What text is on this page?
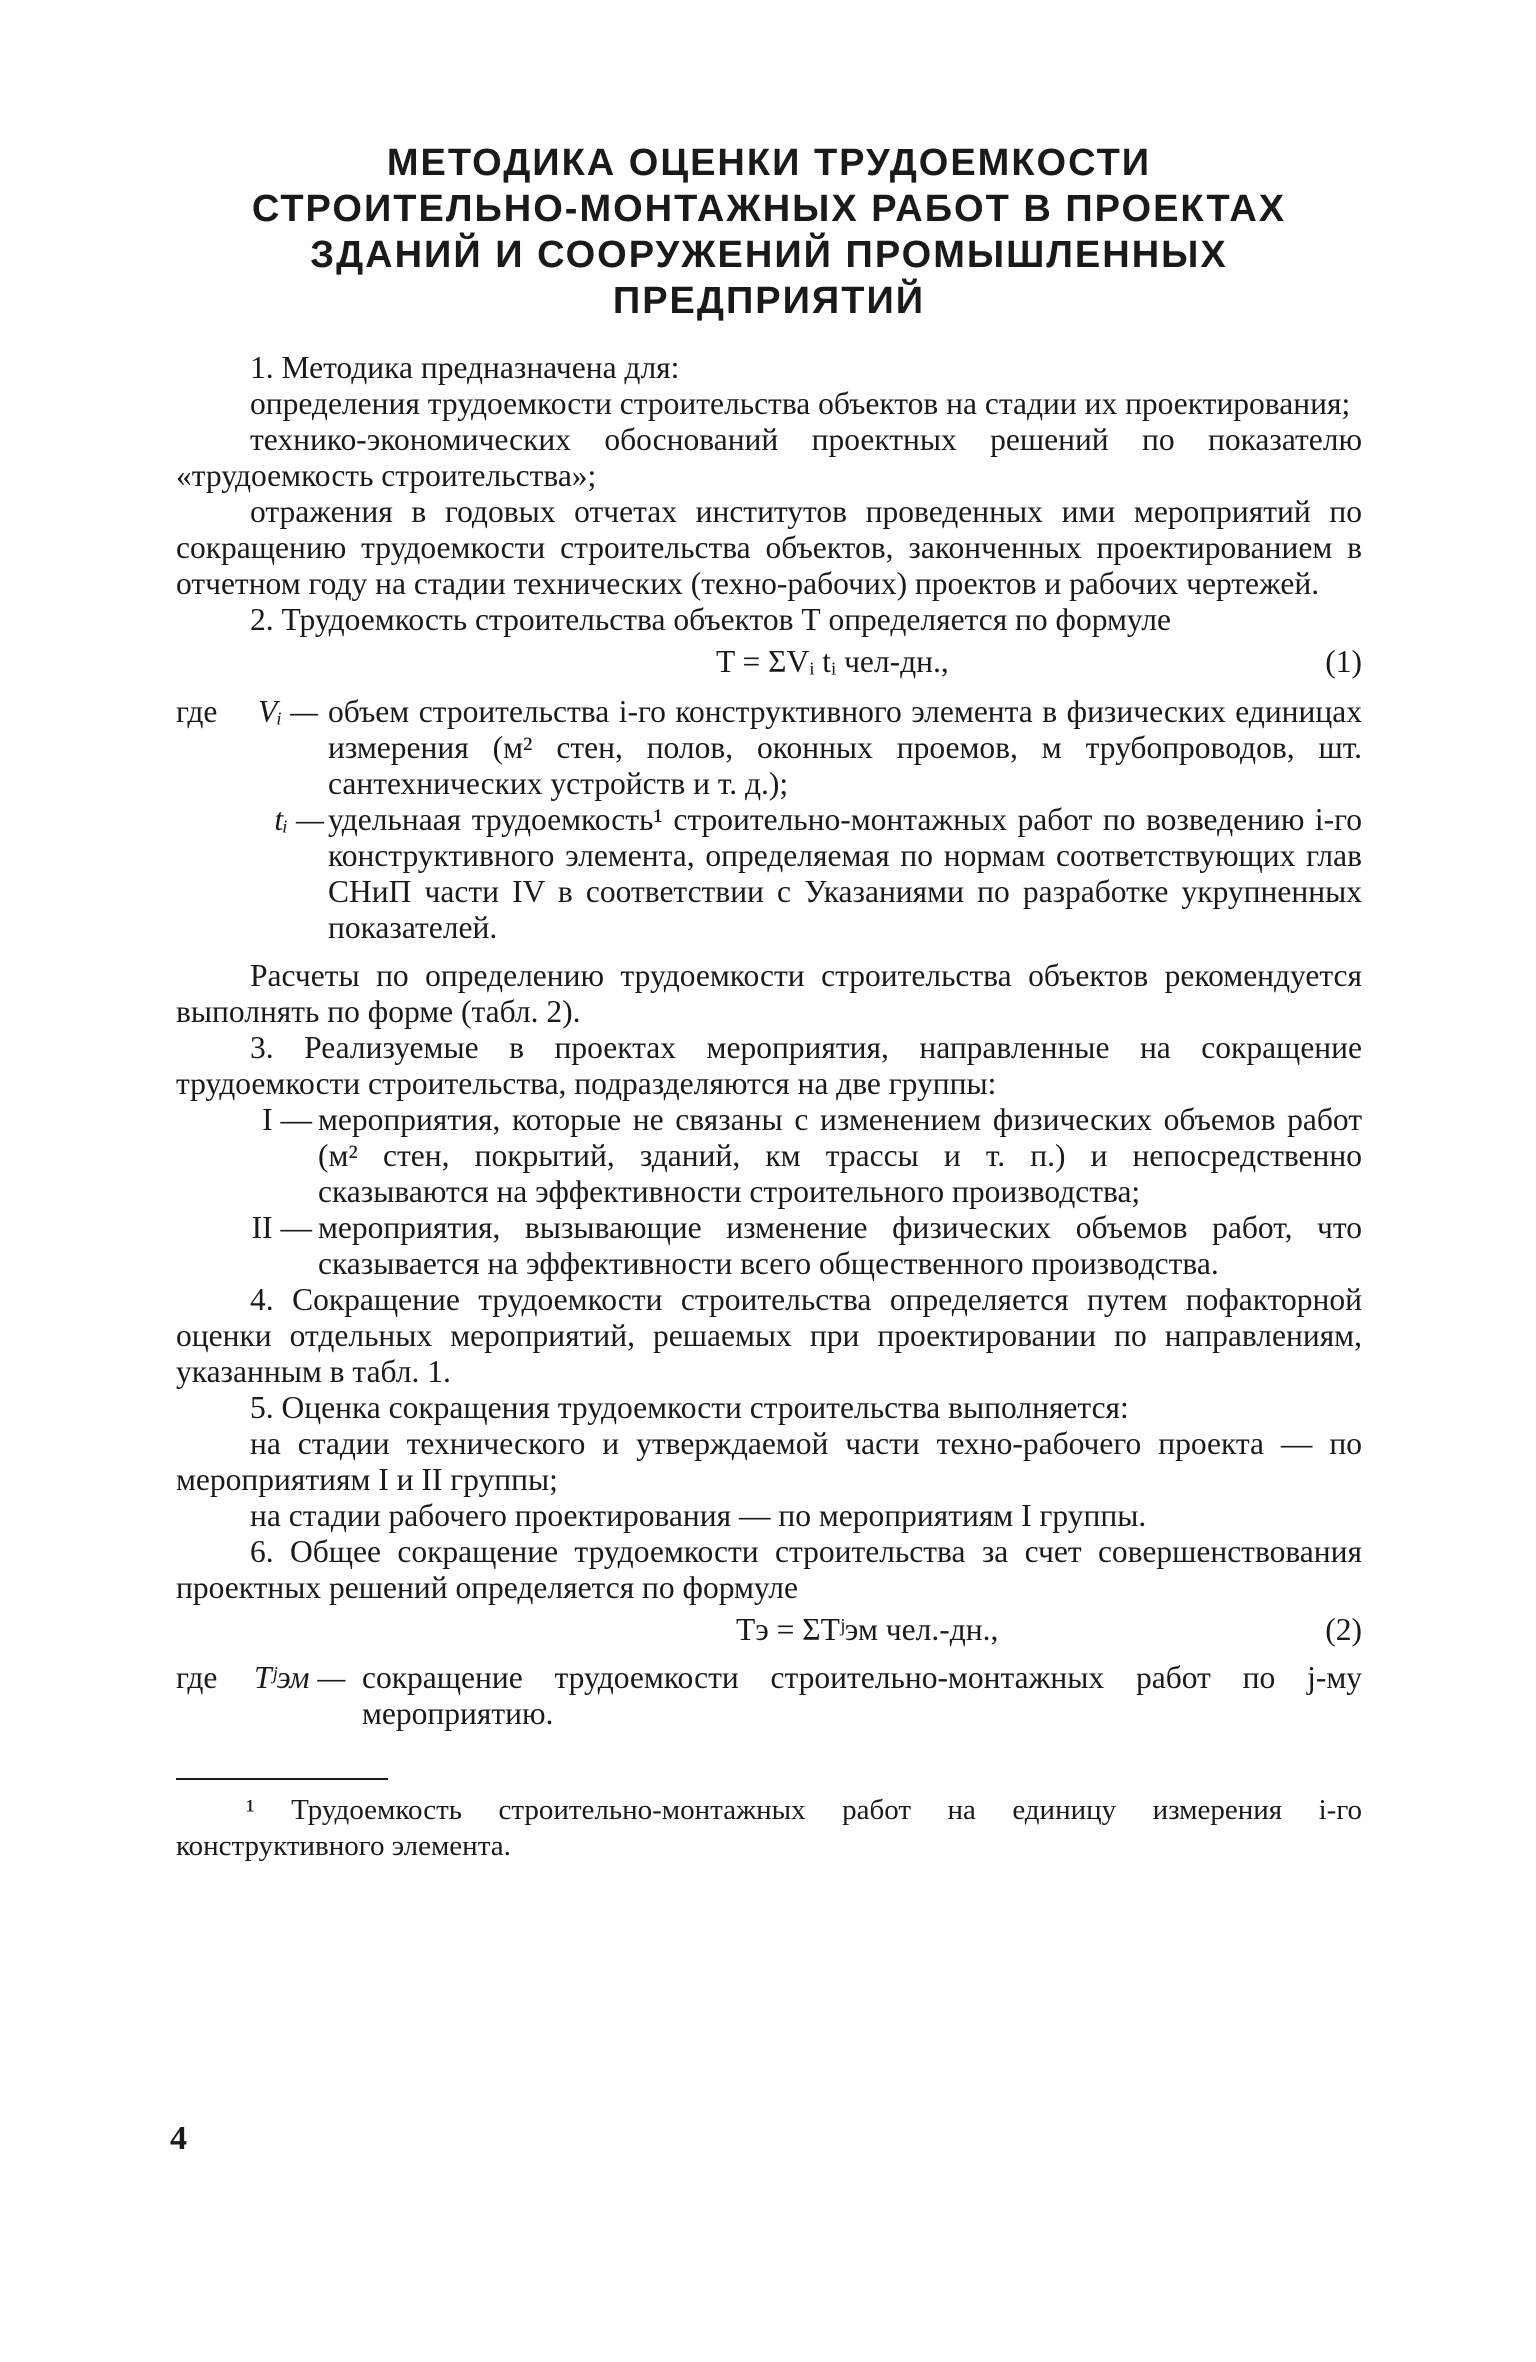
МЕТОДИКА ОЦЕНКИ ТРУДОЕМКОСТИ
СТРОИТЕЛЬНО-МОНТАЖНЫХ РАБОТ В ПРОЕКТАХ
ЗДАНИЙ И СООРУЖЕНИЙ ПРОМЫШЛЕННЫХ
ПРЕДПРИЯТИЙ

1. Методика предназначена для:

определения трудоемкости строительства объектов на стадии их проектирования;

технико-экономических обоснований проектных решений по показателю «трудоемкость строительства»;

отражения в годовых отчетах институтов проведенных ими мероприятий по сокращению трудоемкости строительства объектов, законченных проектированием в отчетном году на стадии технических (техно-рабочих) проектов и рабочих чертежей.

2. Трудоемкость строительства объектов Т определяется по формуле

T = ΣVᵢ tᵢ чел-дн.,	(1)
где	Vᵢ — объем строительства i-го конструктивного элемента в физических единицах измерения (м² стен, полов, оконных проемов, м трубопроводов, шт. сантехнических устройств и т. д.);
tᵢ — удельнаая трудоемкость¹ строительно-монтажных работ по возведению i-го конструктивного элемента, определяемая по нормам соответствующих глав СНиП части IV в соответствии с Указаниями по разработке укрупненных показателей.

Расчеты по определению трудоемкости строительства объектов рекомендуется выполнять по форме (табл. 2).

3. Реализуемые в проектах мероприятия, направленные на сокращение трудоемкости строительства, подразделяются на две группы:

I — мероприятия, которые не связаны с изменением физических объемов работ (м² стен, покрытий, зданий, км трассы и т. п.) и непосредственно сказываются на эффективности строительного производства;
II — мероприятия, вызывающие изменение физических объемов работ, что сказывается на эффективности всего общественного производства.

4. Сокращение трудоемкости строительства определяется путем пофакторной оценки отдельных мероприятий, решаемых при проектировании по направлениям, указанным в табл. 1.

5. Оценка сокращения трудоемкости строительства выполняется:

на стадии технического и утверждаемой части техно-рабочего проекта — по мероприятиям I и II группы;

на стадии рабочего проектирования — по мероприятиям I группы.

6. Общее сокращение трудоемкости строительства за счет совершенствования проектных решений определяется по формуле

Tэ = ΣTʲэм чел.-дн.,	(2)
где	Tʲэм — сокращение трудоемкости строительно-монтажных работ по j-му мероприятию.

¹ Трудоемкость строительно-монтажных работ на единицу измерения i-го конструктивного элемента.

4
